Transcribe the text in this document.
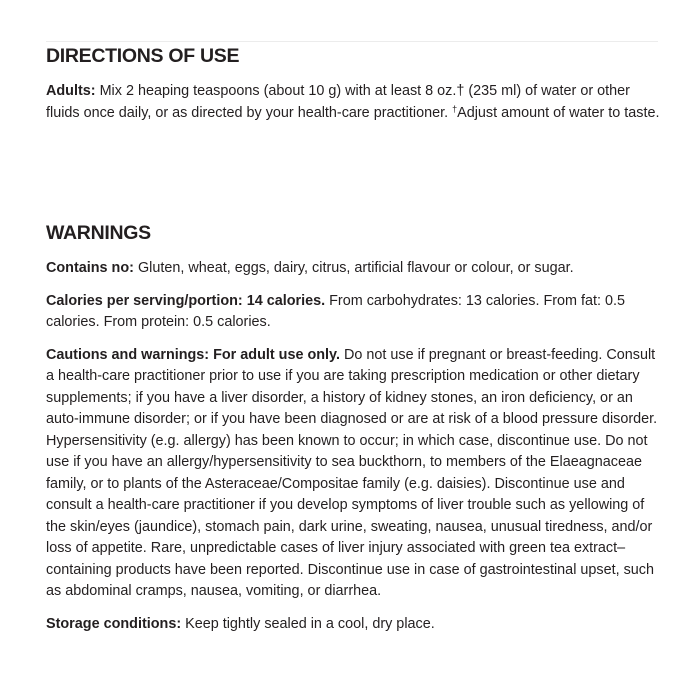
DIRECTIONS OF USE

Adults: Mix 2 heaping teaspoons (about 10 g) with at least 8 oz.† (235 ml) of water or other fluids once daily, or as directed by your health-care practitioner. †Adjust amount of water to taste.

WARNINGS

Contains no: Gluten, wheat, eggs, dairy, citrus, artificial flavour or colour, or sugar.

Calories per serving/portion: 14 calories. From carbohydrates: 13 calories. From fat: 0.5 calories. From protein: 0.5 calories.

Cautions and warnings: For adult use only. Do not use if pregnant or breast-feeding. Consult a health-care practitioner prior to use if you are taking prescription medication or other dietary supplements; if you have a liver disorder, a history of kidney stones, an iron deficiency, or an auto-immune disorder; or if you have been diagnosed or are at risk of a blood pressure disorder. Hypersensitivity (e.g. allergy) has been known to occur; in which case, discontinue use. Do not use if you have an allergy/hypersensitivity to sea buckthorn, to members of the Elaeagnaceae family, or to plants of the Asteraceae/Compositae family (e.g. daisies). Discontinue use and consult a health-care practitioner if you develop symptoms of liver trouble such as yellowing of the skin/eyes (jaundice), stomach pain, dark urine, sweating, nausea, unusual tiredness, and/or loss of appetite. Rare, unpredictable cases of liver injury associated with green tea extract–containing products have been reported. Discontinue use in case of gastrointestinal upset, such as abdominal cramps, nausea, vomiting, or diarrhea.

Storage conditions: Keep tightly sealed in a cool, dry place.
